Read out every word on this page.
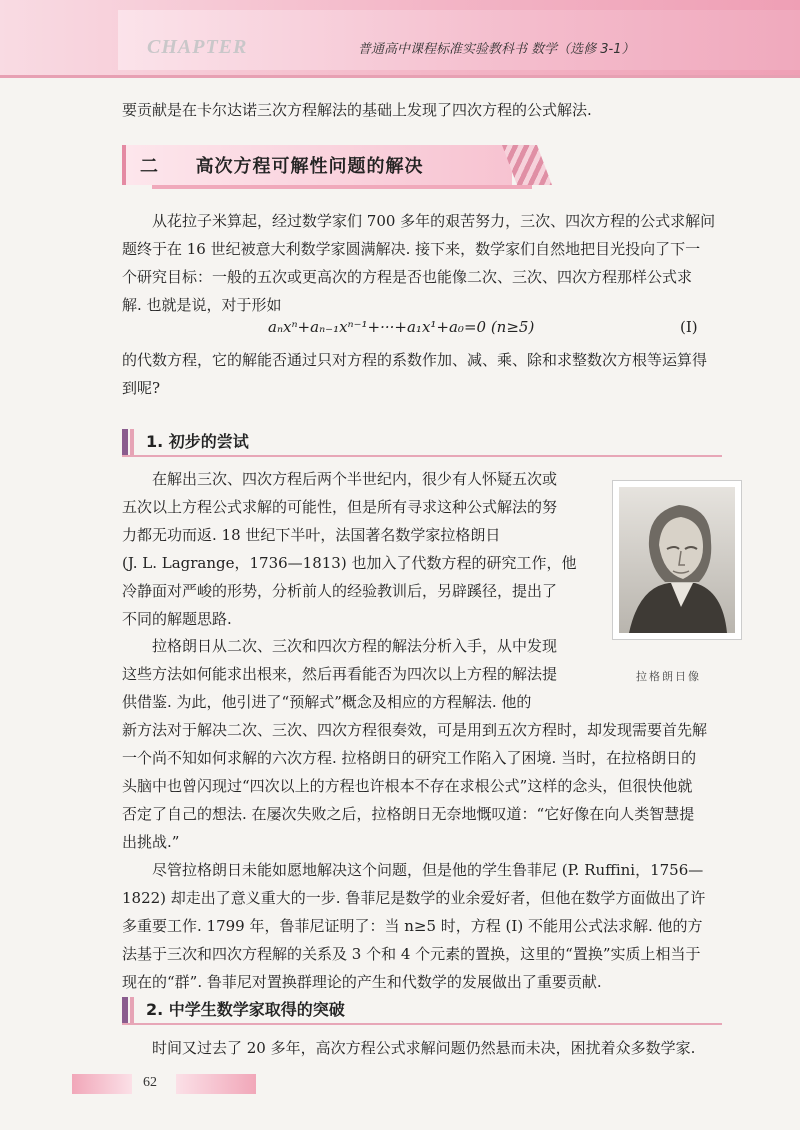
CHAPTER	普通高中课程标准实验教科书 数学（选修 3-1）
要贡献是在卡尔达诺三次方程解法的基础上发现了四次方程的公式解法.
二 高次方程可解性问题的解决
从花拉子米算起，经过数学家们 700 多年的艰苦努力，三次、四次方程的公式求解问
题终于在 16 世纪被意大利数学家圆满解决. 接下来，数学家们自然地把目光投向了下一
个研究目标：一般的五次或更高次的方程是否也能像二次、三次、四次方程那样公式求
解. 也就是说，对于形如
aₙxⁿ+aₙ₋₁xⁿ⁻¹+···+a₁x¹+a₀=0 (n≥5)	(I)
的代数方程，它的解能否通过只对方程的系数作加、减、乘、除和求整数次方根等运算得
到呢?
1. 初步的尝试
在解出三次、四次方程后两个半世纪内，很少有人怀疑五次或
五次以上方程公式求解的可能性，但是所有寻求这种公式解法的努
力都无功而返. 18 世纪下半叶，法国著名数学家拉格朗日
(J. L. Lagrange，1736—1813) 也加入了代数方程的研究工作，他
冷静面对严峻的形势，分析前人的经验教训后，另辟蹊径，提出了
不同的解题思路.
拉格朗日从二次、三次和四次方程的解法分析入手，从中发现
这些方法如何能求出根来，然后再看能否为四次以上方程的解法提
供借鉴. 为此，他引进了“预解式”概念及相应的方程解法. 他的
新方法对于解决二次、三次、四次方程很奏效，可是用到五次方程时，却发现需要首先解
一个尚不知如何求解的六次方程. 拉格朗日的研究工作陷入了困境. 当时，在拉格朗日的
头脑中也曾闪现过“四次以上的方程也许根本不存在求根公式”这样的念头，但很快他就
否定了自己的想法. 在屡次失败之后，拉格朗日无奈地慨叹道：“它好像在向人类智慧提
出挑战.”
尽管拉格朗日未能如愿地解决这个问题，但是他的学生鲁菲尼 (P. Ruffini，1756—
1822) 却走出了意义重大的一步. 鲁菲尼是数学的业余爱好者，但他在数学方面做出了许
多重要工作. 1799 年，鲁菲尼证明了：当 n≥5 时，方程 (I) 不能用公式法求解. 他的方
法基于三次和四次方程解的关系及 3 个和 4 个元素的置换，这里的“置换”实质上相当于
现在的“群”. 鲁菲尼对置换群理论的产生和代数学的发展做出了重要贡献.
拉格朗日像
2. 中学生数学家取得的突破
时间又过去了 20 多年，高次方程公式求解问题仍然悬而未决，困扰着众多数学家.
62
